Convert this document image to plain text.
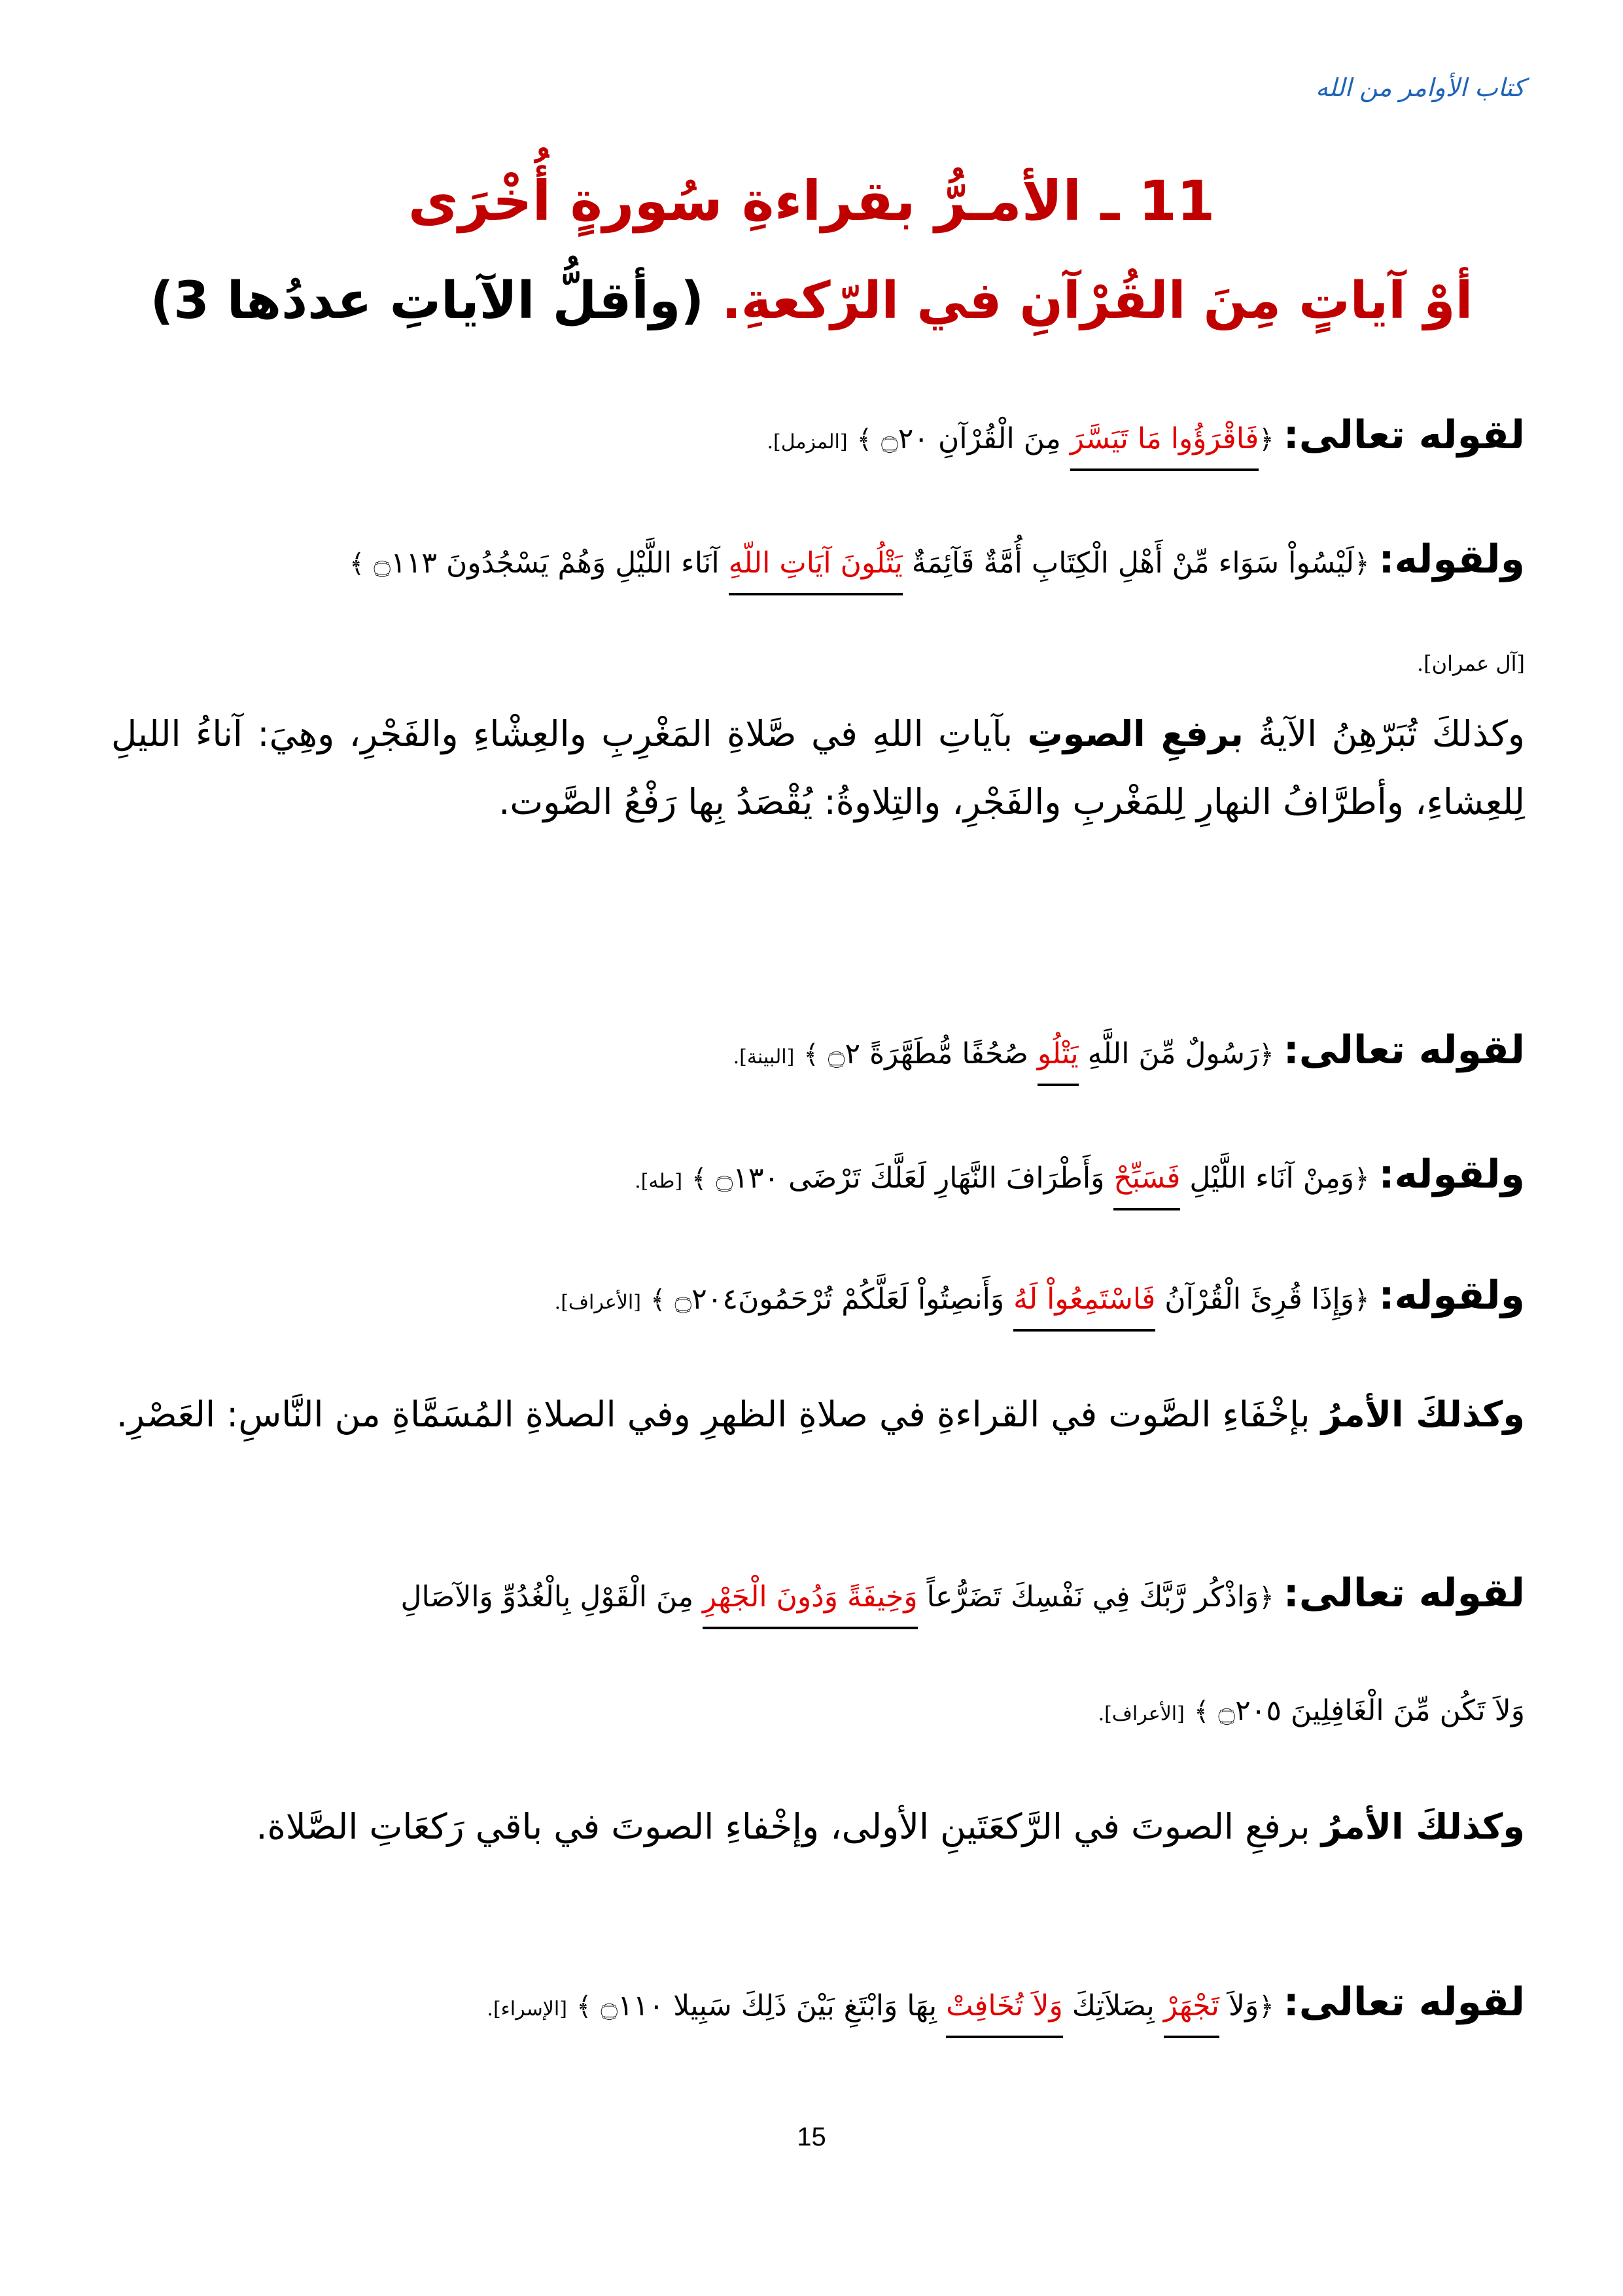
كتاب الأوامر من الله
11 ـ الأمـرُّ بقراءةِ سُورةٍ أُخْرَى
أوْ آياتٍ مِنَ القُرْآنِ في الرّكعةِ. (وأقلُّ الآياتِ عددُها 3)
لقوله تعالى: ﴿فَاقْرَؤُوا مَا تَيَسَّرَ مِنَ الْقُرْآنِ ۝٢٠ ﴾ [المزمل].
ولقوله: ﴿لَيْسُواْ سَوَاء مِّنْ أَهْلِ الْكِتَابِ أُمَّةٌ قَآئِمَةٌ يَتْلُونَ آيَاتِ اللّهِ آنَاء اللَّيْلِ وَهُمْ يَسْجُدُونَ ۝١١٣ ﴾
[آل عمران].
وكذلكَ تُبَرّهِنُ الآيةُ برفعِ الصوتِ بآياتِ اللهِ في صَّلاةِ المَغْرِبِ والعِشْاءِ والفَجْرِ، وهِيَ: آناءُ الليلِ لِلعِشاءِ، وأطرَّافُ النهارِ لِلمَغْربِ والفَجْرِ، والتِلاوةُ: يُقْصَدُ بِها رَفْعُ الصَّوت.
لقوله تعالى: ﴿رَسُولٌ مِّنَ اللَّهِ يَتْلُو صُحُفًا مُّطَهَّرَةً ۝٢ ﴾ [البينة].
ولقوله: ﴿وَمِنْ آنَاء اللَّيْلِ فَسَبِّحْ وَأَطْرَافَ النَّهَارِ لَعَلَّكَ تَرْضَى ۝١٣٠ ﴾ [طه].
ولقوله: ﴿وَإِذَا قُرِئَ الْقُرْآنُ فَاسْتَمِعُواْ لَهُ وَأَنصِتُواْ لَعَلَّكُمْ تُرْحَمُونَ۝٢٠٤ ﴾ [الأعراف].
وكذلكَ الأمرُ بإخْفَاءِ الصَّوت في القراءةِ في صلاةِ الظهرِ وفي الصلاةِ المُسَمَّاةِ من النَّاسِ: العَصْرِ.
لقوله تعالى: ﴿وَاذْكُر رَّبَّكَ فِي نَفْسِكَ تَضَرُّعاً وَخِيفَةً وَدُونَ الْجَهْرِ مِنَ الْقَوْلِ بِالْغُدُوِّ وَالآصَالِ
وَلاَ تَكُن مِّنَ الْغَافِلِينَ ۝٢٠٥ ﴾ [الأعراف].
وكذلكَ الأمرُ برفعِ الصوتَ في الرَّكعَتَينِ الأولى، وإخْفاءِ الصوتَ في باقي رَكعَاتِ الصَّلاة.
لقوله تعالى: ﴿وَلاَ تَجْهَرْ بِصَلاَتِكَ وَلاَ تُخَافِتْ بِهَا وَابْتَغِ بَيْنَ ذَلِكَ سَبِيلا ۝١١٠ ﴾ [الإسراء].
15
